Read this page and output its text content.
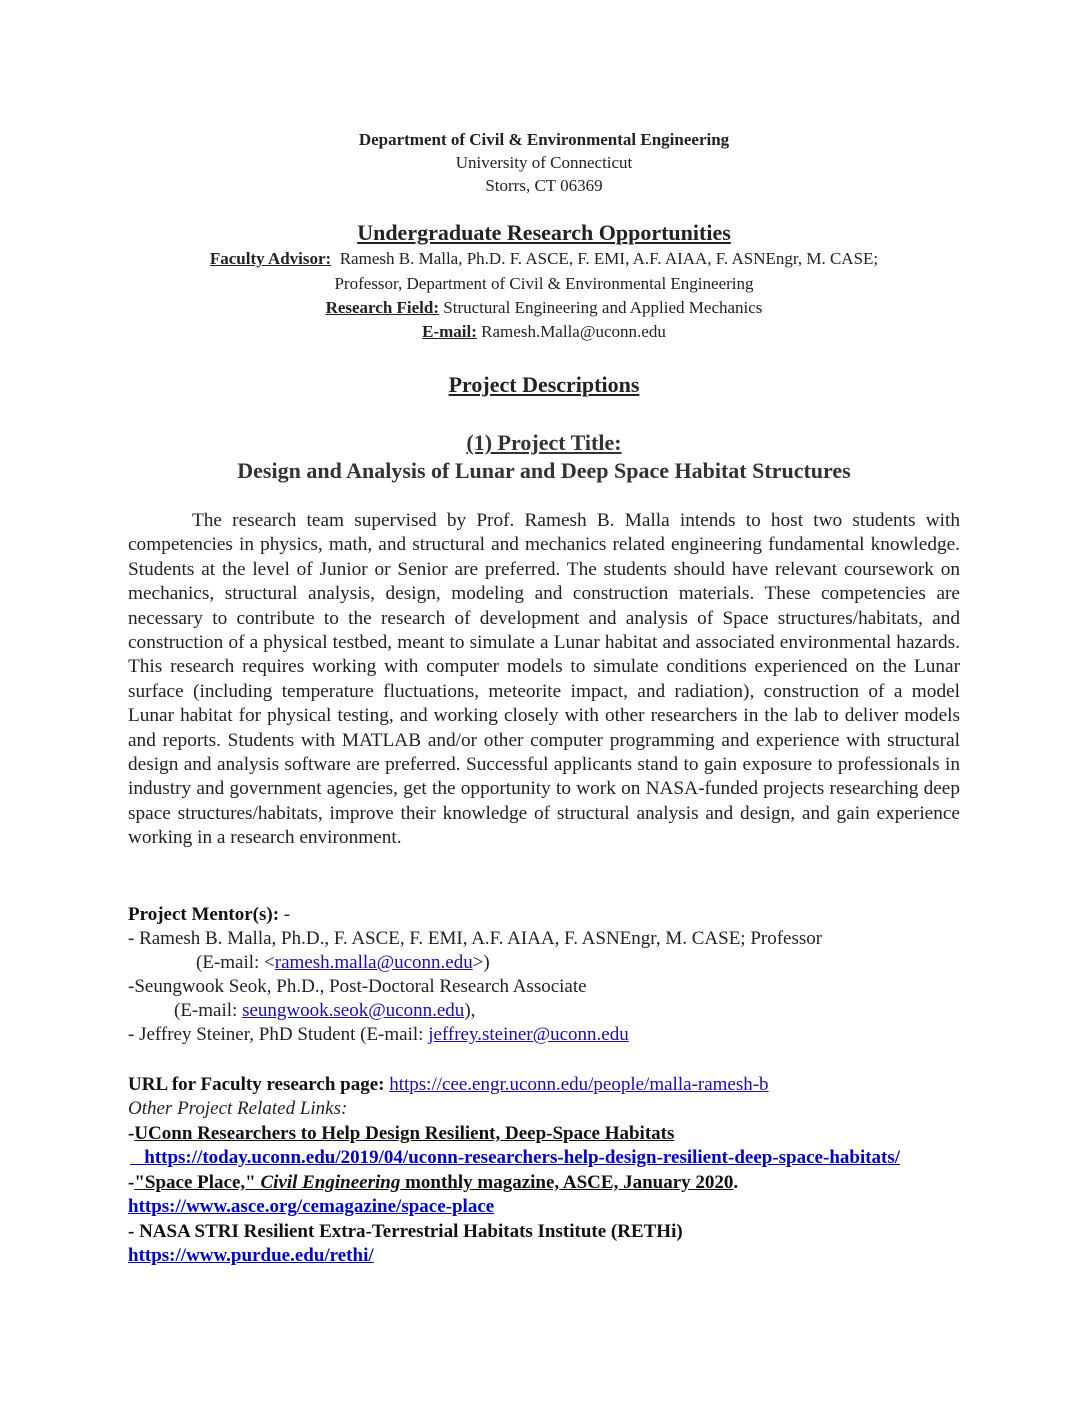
Department of Civil & Environmental Engineering
University of Connecticut
Storrs, CT 06369
Undergraduate Research Opportunities
Faculty Advisor: Ramesh B. Malla, Ph.D. F. ASCE, F. EMI, A.F. AIAA, F. ASNEngr, M. CASE;
Professor, Department of Civil & Environmental Engineering
Research Field: Structural Engineering and Applied Mechanics
E-mail: Ramesh.Malla@uconn.edu
Project Descriptions
(1) Project Title:
Design and Analysis of Lunar and Deep Space Habitat Structures
The research team supervised by Prof. Ramesh B. Malla intends to host two students with competencies in physics, math, and structural and mechanics related engineering fundamental knowledge. Students at the level of Junior or Senior are preferred. The students should have relevant coursework on mechanics, structural analysis, design, modeling and construction materials. These competencies are necessary to contribute to the research of development and analysis of Space structures/habitats, and construction of a physical testbed, meant to simulate a Lunar habitat and associated environmental hazards. This research requires working with computer models to simulate conditions experienced on the Lunar surface (including temperature fluctuations, meteorite impact, and radiation), construction of a model Lunar habitat for physical testing, and working closely with other researchers in the lab to deliver models and reports. Students with MATLAB and/or other computer programming and experience with structural design and analysis software are preferred. Successful applicants stand to gain exposure to professionals in industry and government agencies, get the opportunity to work on NASA-funded projects researching deep space structures/habitats, improve their knowledge of structural analysis and design, and gain experience working in a research environment.
Project Mentor(s): -
- Ramesh B. Malla, Ph.D., F. ASCE, F. EMI, A.F. AIAA, F. ASNEngr, M. CASE; Professor
(E-mail: <ramesh.malla@uconn.edu>)
-Seungwook Seok, Ph.D., Post-Doctoral Research Associate
(E-mail: seungwook.seok@uconn.edu),
- Jeffrey Steiner, PhD Student (E-mail: jeffrey.steiner@uconn.edu
URL for Faculty research page: https://cee.engr.uconn.edu/people/malla-ramesh-b
Other Project Related Links:
-UConn Researchers to Help Design Resilient, Deep-Space Habitats
https://today.uconn.edu/2019/04/uconn-researchers-help-design-resilient-deep-space-habitats/
-"Space Place," Civil Engineering monthly magazine, ASCE, January 2020.
https://www.asce.org/cemagazine/space-place
- NASA STRI Resilient Extra-Terrestrial Habitats Institute (RETHi)
https://www.purdue.edu/rethi/
